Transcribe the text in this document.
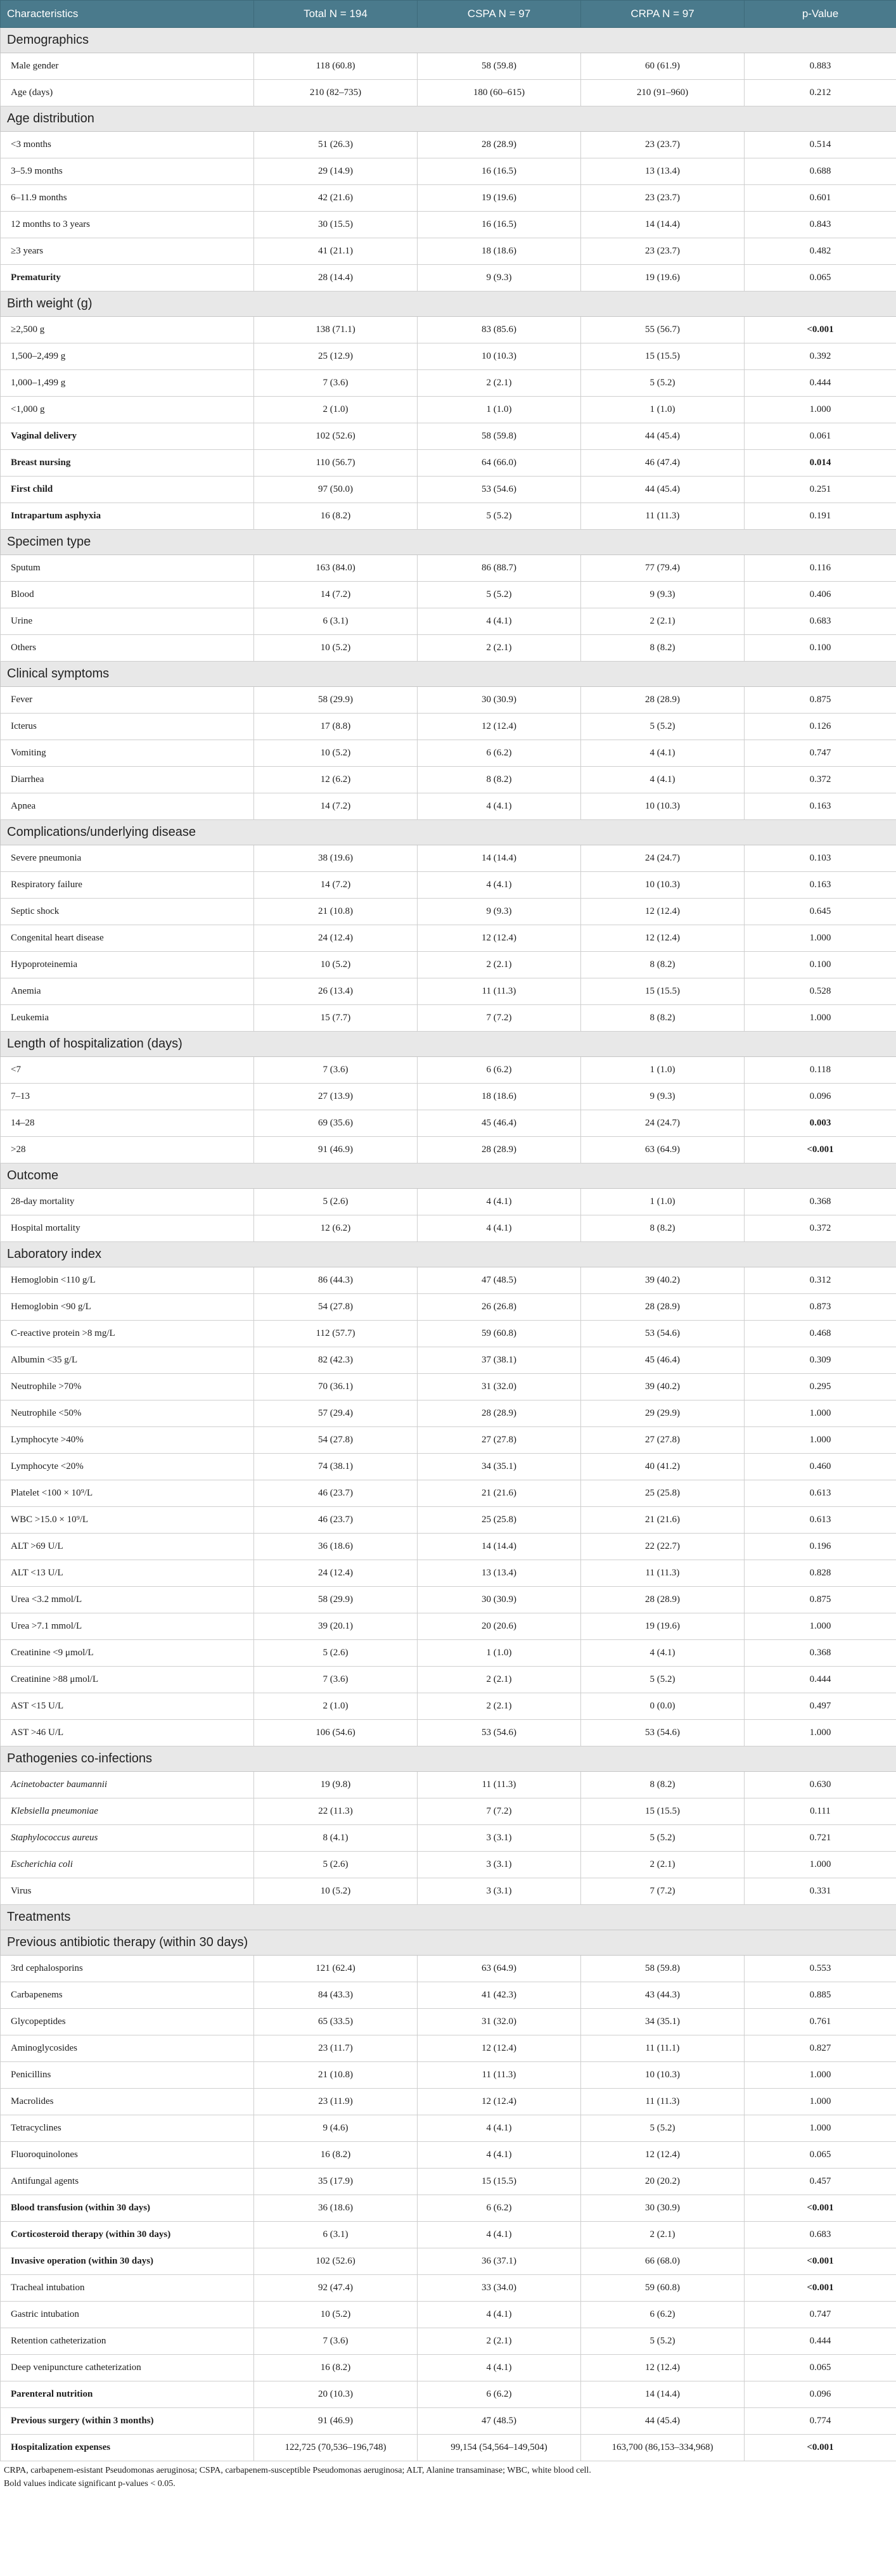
Characteristics	Total N = 194	CSPA N = 97	CRPA N = 97	p-Value
Demographics				
Male gender	118 (60.8)	58 (59.8)	60 (61.9)	0.883
Age (days)	210 (82–735)	180 (60–615)	210 (91–960)	0.212
Age distribution				
<3 months	51 (26.3)	28 (28.9)	23 (23.7)	0.514
3–5.9 months	29 (14.9)	16 (16.5)	13 (13.4)	0.688
6–11.9 months	42 (21.6)	19 (19.6)	23 (23.7)	0.601
12 months to 3 years	30 (15.5)	16 (16.5)	14 (14.4)	0.843
≥3 years	41 (21.1)	18 (18.6)	23 (23.7)	0.482
Prematurity	28 (14.4)	9 (9.3)	19 (19.6)	0.065
Birth weight (g)				
≥2,500 g	138 (71.1)	83 (85.6)	55 (56.7)	<0.001
1,500–2,499 g	25 (12.9)	10 (10.3)	15 (15.5)	0.392
1,000–1,499 g	7 (3.6)	2 (2.1)	5 (5.2)	0.444
<1,000 g	2 (1.0)	1 (1.0)	1 (1.0)	1.000
Vaginal delivery	102 (52.6)	58 (59.8)	44 (45.4)	0.061
Breast nursing	110 (56.7)	64 (66.0)	46 (47.4)	0.014
First child	97 (50.0)	53 (54.6)	44 (45.4)	0.251
Intrapartum asphyxia	16 (8.2)	5 (5.2)	11 (11.3)	0.191
Specimen type				
Sputum	163 (84.0)	86 (88.7)	77 (79.4)	0.116
Blood	14 (7.2)	5 (5.2)	9 (9.3)	0.406
Urine	6 (3.1)	4 (4.1)	2 (2.1)	0.683
Others	10 (5.2)	2 (2.1)	8 (8.2)	0.100
Clinical symptoms				
Fever	58 (29.9)	30 (30.9)	28 (28.9)	0.875
Icterus	17 (8.8)	12 (12.4)	5 (5.2)	0.126
Vomiting	10 (5.2)	6 (6.2)	4 (4.1)	0.747
Diarrhea	12 (6.2)	8 (8.2)	4 (4.1)	0.372
Apnea	14 (7.2)	4 (4.1)	10 (10.3)	0.163
Complications/underlying disease				
Severe pneumonia	38 (19.6)	14 (14.4)	24 (24.7)	0.103
Respiratory failure	14 (7.2)	4 (4.1)	10 (10.3)	0.163
Septic shock	21 (10.8)	9 (9.3)	12 (12.4)	0.645
Congenital heart disease	24 (12.4)	12 (12.4)	12 (12.4)	1.000
Hypoproteinemia	10 (5.2)	2 (2.1)	8 (8.2)	0.100
Anemia	26 (13.4)	11 (11.3)	15 (15.5)	0.528
Leukemia	15 (7.7)	7 (7.2)	8 (8.2)	1.000
Length of hospitalization (days)				
<7	7 (3.6)	6 (6.2)	1 (1.0)	0.118
7–13	27 (13.9)	18 (18.6)	9 (9.3)	0.096
14–28	69 (35.6)	45 (46.4)	24 (24.7)	0.003
>28	91 (46.9)	28 (28.9)	63 (64.9)	<0.001
Outcome				
28-day mortality	5 (2.6)	4 (4.1)	1 (1.0)	0.368
Hospital mortality	12 (6.2)	4 (4.1)	8 (8.2)	0.372
Laboratory index				
Hemoglobin <110 g/L	86 (44.3)	47 (48.5)	39 (40.2)	0.312
Hemoglobin <90 g/L	54 (27.8)	26 (26.8)	28 (28.9)	0.873
C-reactive protein >8 mg/L	112 (57.7)	59 (60.8)	53 (54.6)	0.468
Albumin <35 g/L	82 (42.3)	37 (38.1)	45 (46.4)	0.309
Neutrophile >70%	70 (36.1)	31 (32.0)	39 (40.2)	0.295
Neutrophile <50%	57 (29.4)	28 (28.9)	29 (29.9)	1.000
Lymphocyte >40%	54 (27.8)	27 (27.8)	27 (27.8)	1.000
Lymphocyte <20%	74 (38.1)	34 (35.1)	40 (41.2)	0.460
Platelet <100 × 10⁹/L	46 (23.7)	21 (21.6)	25 (25.8)	0.613
WBC >15.0 × 10⁹/L	46 (23.7)	25 (25.8)	21 (21.6)	0.613
ALT >69 U/L	36 (18.6)	14 (14.4)	22 (22.7)	0.196
ALT <13 U/L	24 (12.4)	13 (13.4)	11 (11.3)	0.828
Urea <3.2 mmol/L	58 (29.9)	30 (30.9)	28 (28.9)	0.875
Urea >7.1 mmol/L	39 (20.1)	20 (20.6)	19 (19.6)	1.000
Creatinine <9 μmol/L	5 (2.6)	1 (1.0)	4 (4.1)	0.368
Creatinine >88 μmol/L	7 (3.6)	2 (2.1)	5 (5.2)	0.444
AST <15 U/L	2 (1.0)	2 (2.1)	0 (0.0)	0.497
AST >46 U/L	106 (54.6)	53 (54.6)	53 (54.6)	1.000
Pathogenies co-infections				
Acinetobacter baumannii	19 (9.8)	11 (11.3)	8 (8.2)	0.630
Klebsiella pneumoniae	22 (11.3)	7 (7.2)	15 (15.5)	0.111
Staphylococcus aureus	8 (4.1)	3 (3.1)	5 (5.2)	0.721
Escherichia coli	5 (2.6)	3 (3.1)	2 (2.1)	1.000
Virus	10 (5.2)	3 (3.1)	7 (7.2)	0.331
Treatments				
Previous antibiotic therapy (within 30 days)				
3rd cephalosporins	121 (62.4)	63 (64.9)	58 (59.8)	0.553
Carbapenems	84 (43.3)	41 (42.3)	43 (44.3)	0.885
Glycopeptides	65 (33.5)	31 (32.0)	34 (35.1)	0.761
Aminoglycosides	23 (11.7)	12 (12.4)	11 (11.1)	0.827
Penicillins	21 (10.8)	11 (11.3)	10 (10.3)	1.000
Macrolides	23 (11.9)	12 (12.4)	11 (11.3)	1.000
Tetracyclines	9 (4.6)	4 (4.1)	5 (5.2)	1.000
Fluoroquinolones	16 (8.2)	4 (4.1)	12 (12.4)	0.065
Antifungal agents	35 (17.9)	15 (15.5)	20 (20.2)	0.457
Blood transfusion (within 30 days)	36 (18.6)	6 (6.2)	30 (30.9)	<0.001
Corticosteroid therapy (within 30 days)	6 (3.1)	4 (4.1)	2 (2.1)	0.683
Invasive operation (within 30 days)	102 (52.6)	36 (37.1)	66 (68.0)	<0.001
Tracheal intubation	92 (47.4)	33 (34.0)	59 (60.8)	<0.001
Gastric intubation	10 (5.2)	4 (4.1)	6 (6.2)	0.747
Retention catheterization	7 (3.6)	2 (2.1)	5 (5.2)	0.444
Deep venipuncture catheterization	16 (8.2)	4 (4.1)	12 (12.4)	0.065
Parenteral nutrition	20 (10.3)	6 (6.2)	14 (14.4)	0.096
Previous surgery (within 3 months)	91 (46.9)	47 (48.5)	44 (45.4)	0.774
Hospitalization expenses	122,725 (70,536–196,748)	99,154 (54,564–149,504)	163,700 (86,153–334,968)	<0.001
CRPA, carbapenem-esistant Pseudomonas aeruginosa; CSPA, carbapenem-susceptible Pseudomonas aeruginosa; ALT, Alanine transaminase; WBC, white blood cell.
Bold values indicate significant p-values < 0.05.
